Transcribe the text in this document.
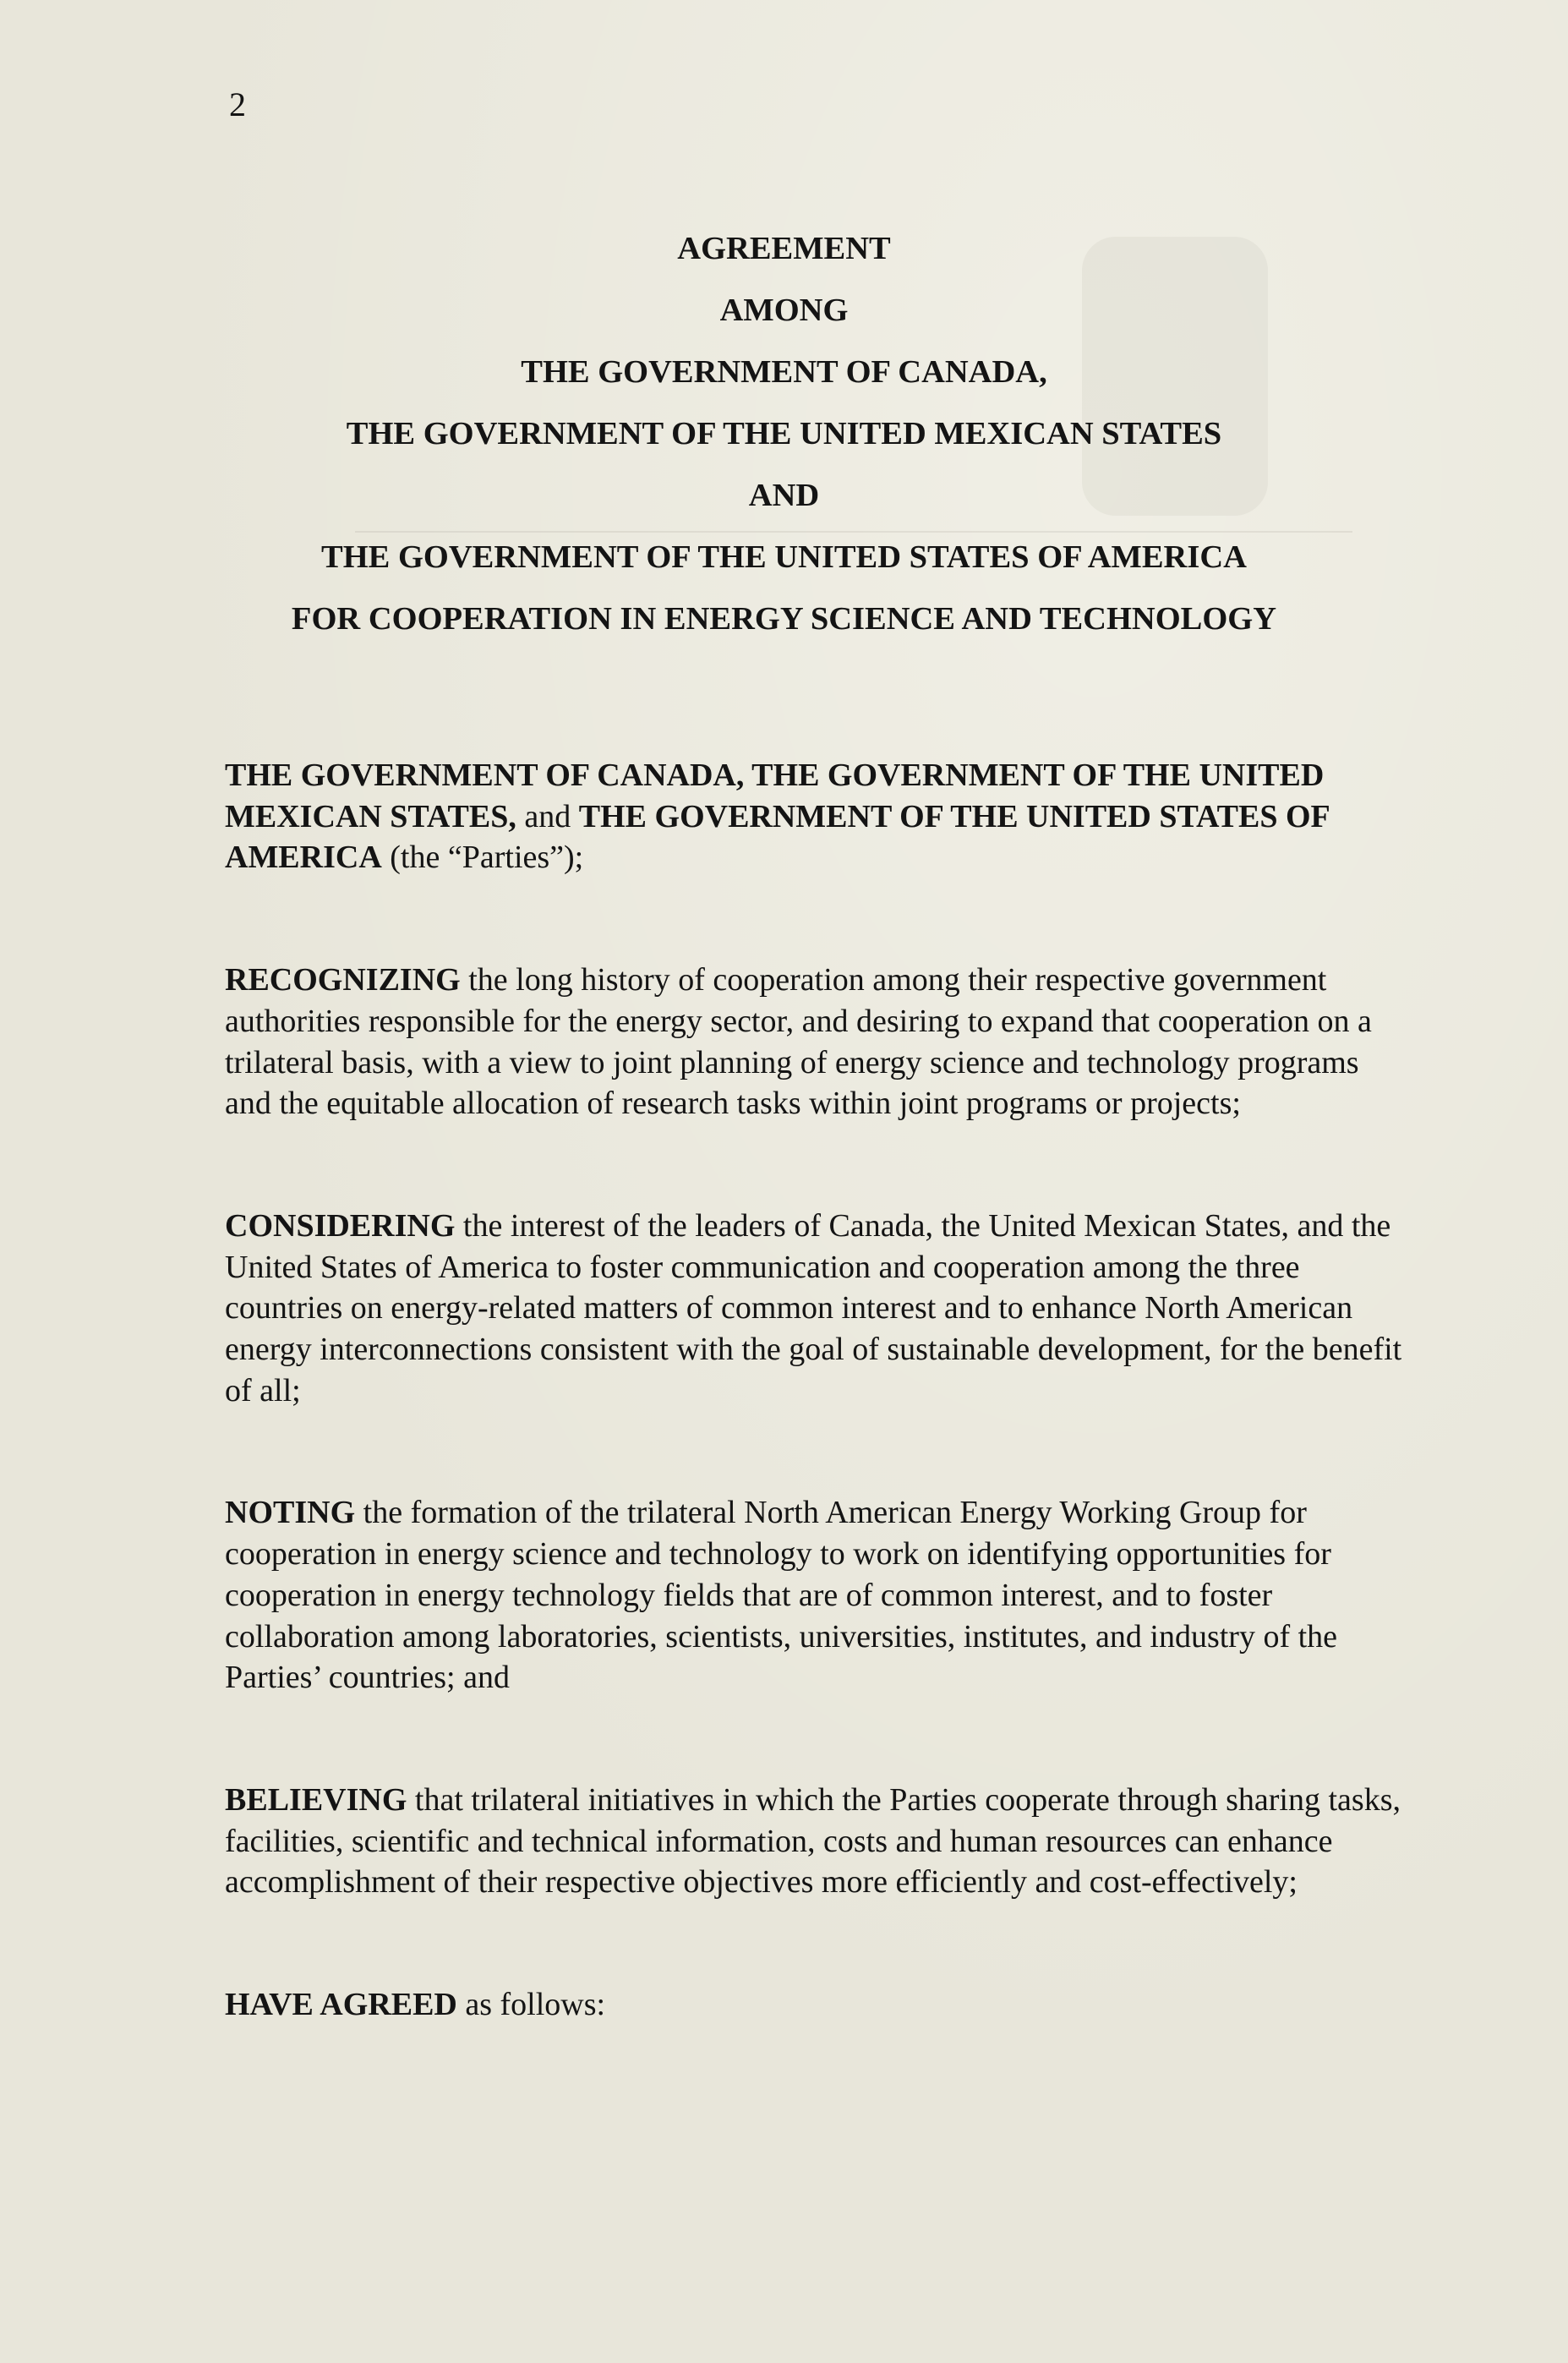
2
AGREEMENT
AMONG
THE GOVERNMENT OF CANADA,
THE GOVERNMENT OF THE UNITED MEXICAN STATES
AND
THE GOVERNMENT OF THE UNITED STATES OF AMERICA
FOR COOPERATION IN ENERGY SCIENCE AND TECHNOLOGY

THE GOVERNMENT OF CANADA, THE GOVERNMENT OF THE UNITED MEXICAN STATES, and THE GOVERNMENT OF THE UNITED STATES OF AMERICA (the “Parties”);

RECOGNIZING the long history of cooperation among their respective government authorities responsible for the energy sector, and desiring to expand that cooperation on a trilateral basis, with a view to joint planning of energy science and technology programs and the equitable allocation of research tasks within joint programs or projects;

CONSIDERING the interest of the leaders of Canada, the United Mexican States, and the United States of America to foster communication and cooperation among the three countries on energy-related matters of common interest and to enhance North American energy interconnections consistent with the goal of sustainable development, for the benefit of all;

NOTING the formation of the trilateral North American Energy Working Group for cooperation in energy science and technology to work on identifying opportunities for cooperation in energy technology fields that are of common interest, and to foster collaboration among laboratories, scientists, universities, institutes, and industry of the Parties’ countries; and

BELIEVING that trilateral initiatives in which the Parties cooperate through sharing tasks, facilities, scientific and technical information, costs and human resources can enhance accomplishment of their respective objectives more efficiently and cost-effectively;

HAVE AGREED as follows:
